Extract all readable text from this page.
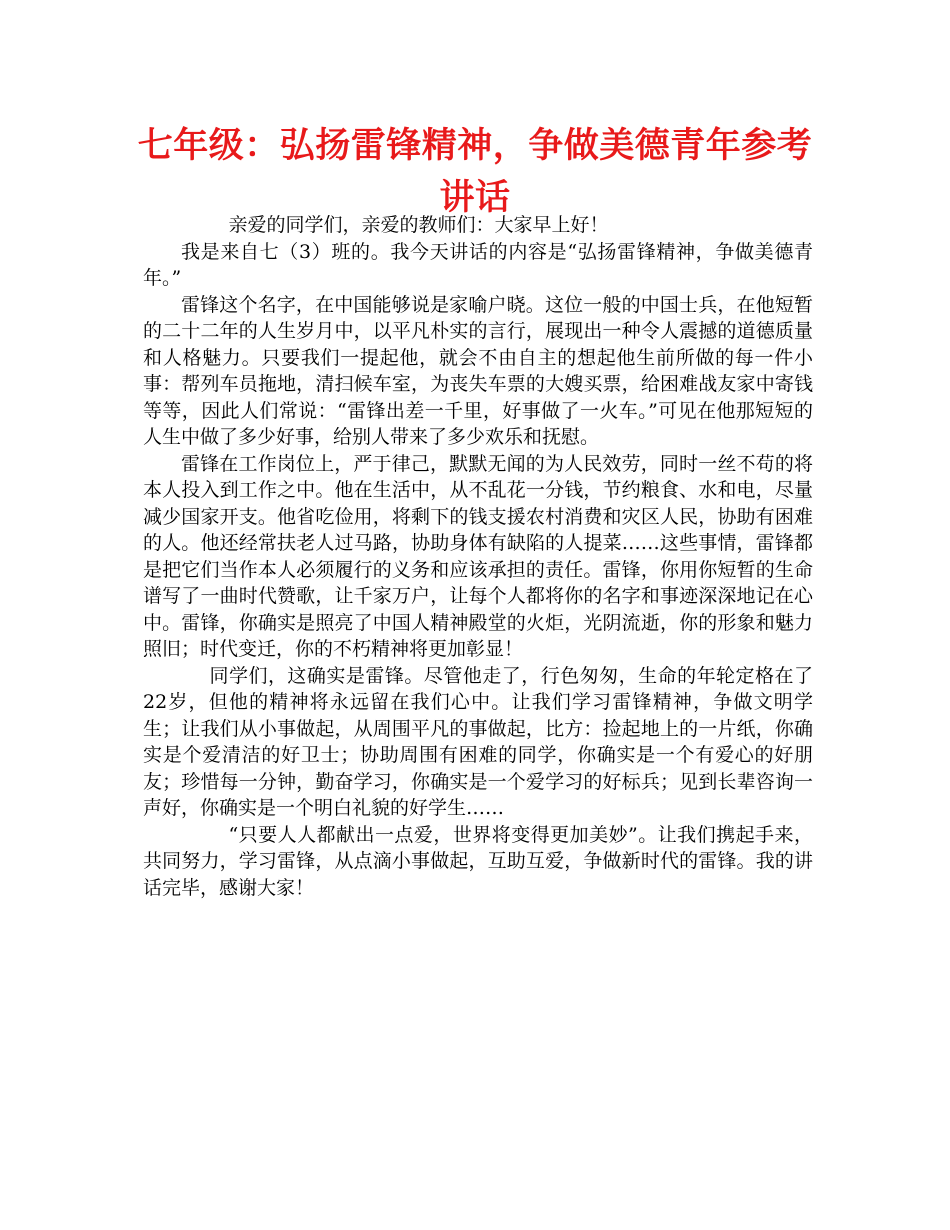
七年级：弘扬雷锋精神，争做美德青年参考讲话

亲爱的同学们，亲爱的教师们：大家早上好！

我是来自七（3）班的。我今天讲话的内容是“弘扬雷锋精神，争做美德青年。”

雷锋这个名字，在中国能够说是家喻户晓。这位一般的中国士兵，在他短暂的二十二年的人生岁月中，以平凡朴实的言行，展现出一种令人震撼的道德质量和人格魅力。只要我们一提起他，就会不由自主的想起他生前所做的每一件小事：帮列车员拖地，清扫候车室，为丧失车票的大嫂买票，给困难战友家中寄钱等等，因此人们常说：“雷锋出差一千里，好事做了一火车。”可见在他那短短的人生中做了多少好事，给别人带来了多少欢乐和抚慰。

雷锋在工作岗位上，严于律己，默默无闻的为人民效劳，同时一丝不苟的将本人投入到工作之中。他在生活中，从不乱花一分钱，节约粮食、水和电，尽量减少国家开支。他省吃俭用，将剩下的钱支援农村消费和灾区人民，协助有困难的人。他还经常扶老人过马路，协助身体有缺陷的人提菜……这些事情，雷锋都是把它们当作本人必须履行的义务和应该承担的责任。雷锋，你用你短暂的生命谱写了一曲时代赞歌，让千家万户，让每个人都将你的名字和事迹深深地记在心中。雷锋，你确实是照亮了中国人精神殿堂的火炬，光阴流逝，你的形象和魅力照旧；时代变迁，你的不朽精神将更加彰显！

同学们，这确实是雷锋。尽管他走了，行色匆匆，生命的年轮定格在了22岁，但他的精神将永远留在我们心中。让我们学习雷锋精神，争做文明学生；让我们从小事做起，从周围平凡的事做起，比方：捡起地上的一片纸，你确实是个爱清洁的好卫士；协助周围有困难的同学，你确实是一个有爱心的好朋友；珍惜每一分钟，勤奋学习，你确实是一个爱学习的好标兵；见到长辈咨询一声好，你确实是一个明白礼貌的好学生……

“只要人人都献出一点爱，世界将变得更加美妙”。让我们携起手来，共同努力，学习雷锋，从点滴小事做起，互助互爱，争做新时代的雷锋。我的讲话完毕，感谢大家！
